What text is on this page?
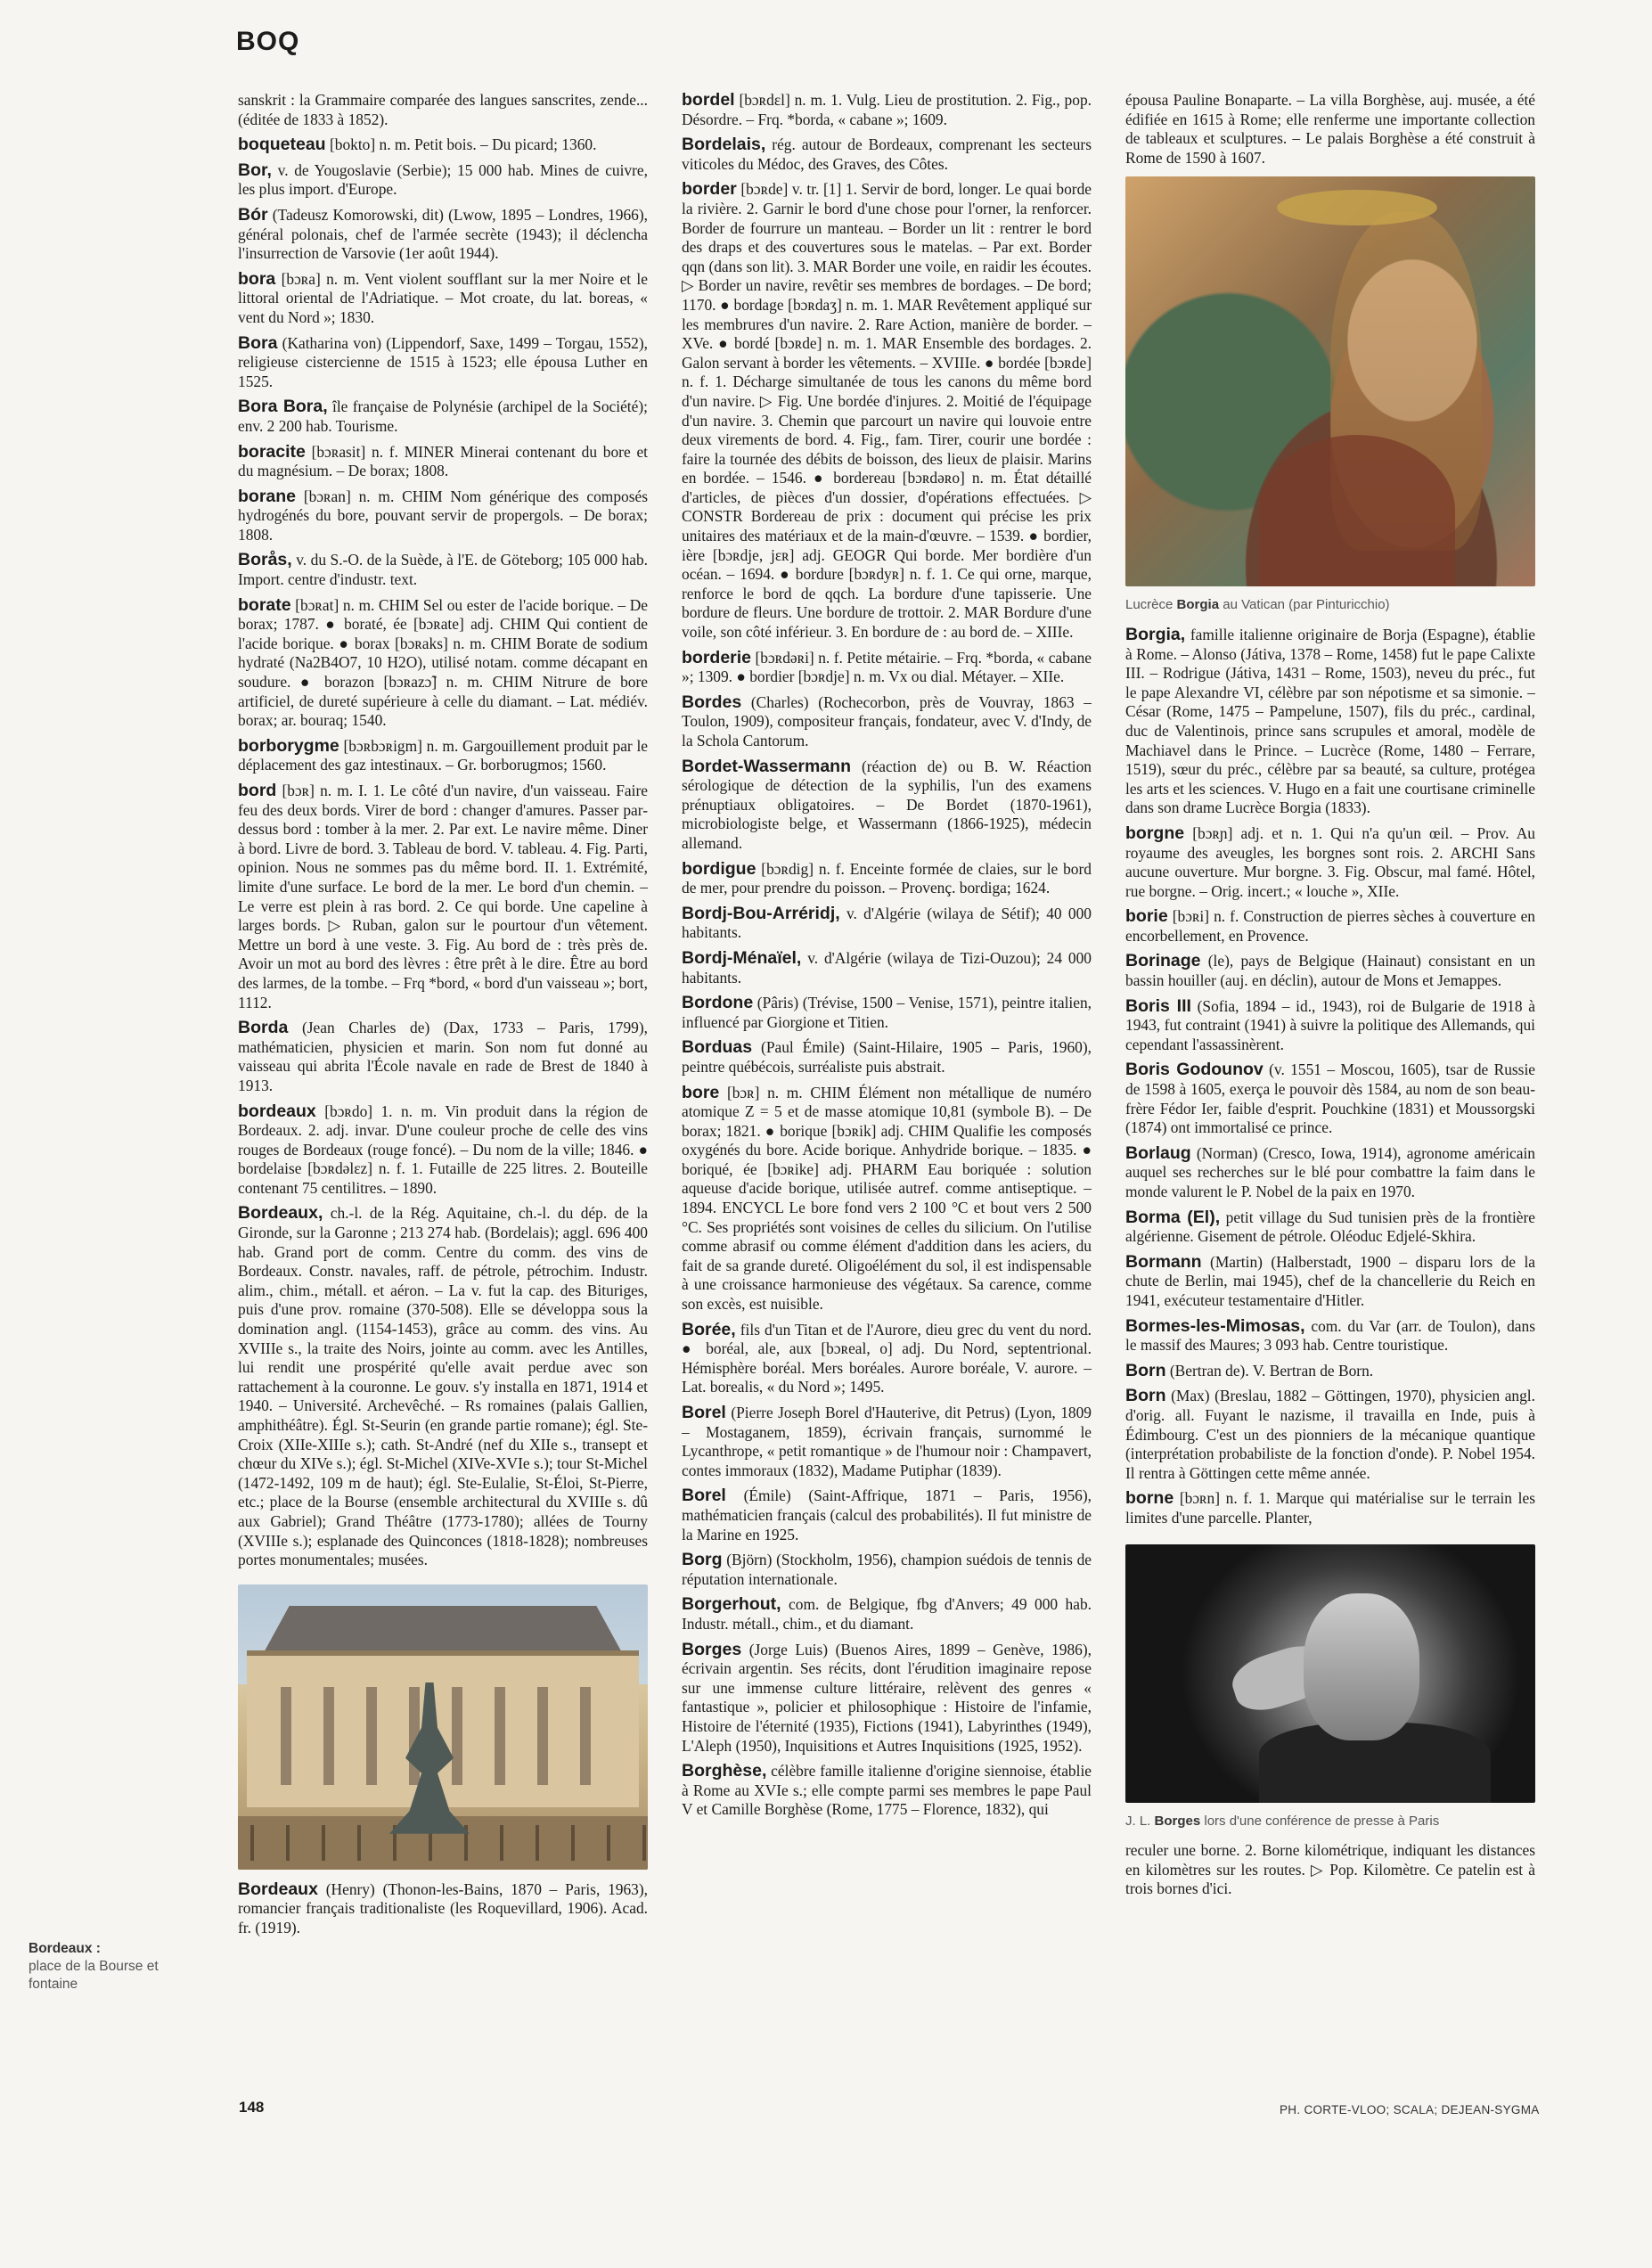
BOQ
sanskrit : la Grammaire comparée des langues sanscrites, zende... (éditée de 1833 à 1852).
boqueteau [bokto] n. m. Petit bois. – Du picard; 1360.
Bor, v. de Yougoslavie (Serbie); 15 000 hab. Mines de cuivre, les plus import. d'Europe.
Bór (Tadeusz Komorowski, dit) (Lwow, 1895 – Londres, 1966), général polonais, chef de l'armée secrète (1943); il déclencha l'insurrection de Varsovie (1er août 1944).
bora [bɔʀa] n. m. Vent violent soufflant sur la mer Noire et le littoral oriental de l'Adriatique. – Mot croate, du lat. boreas, « vent du Nord »; 1830.
Bora (Katharina von) (Lippendorf, Saxe, 1499 – Torgau, 1552), religieuse cistercienne de 1515 à 1523; elle épousa Luther en 1525.
Bora Bora, île française de Polynésie (archipel de la Société); env. 2 200 hab. Tourisme.
boracite [bɔʀasit] n. f. MINER Minerai contenant du bore et du magnésium. – De borax; 1808.
borane [bɔʀan] n. m. CHIM Nom générique des composés hydrogénés du bore, pouvant servir de propergols. – De borax; 1808.
Borås, v. du S.-O. de la Suède, à l'E. de Göteborg; 105 000 hab. Import. centre d'industr. text.
borate [bɔʀat] n. m. CHIM Sel ou ester de l'acide borique. – De borax; 1787. ● boraté, ée [bɔʀate] adj. CHIM Qui contient de l'acide borique. ● borax [bɔʀaks] n. m. CHIM Borate de sodium hydraté (Na2B4O7, 10 H2O), utilisé notam. comme décapant en soudure. ● borazon [bɔʀazɔ̃] n. m. CHIM Nitrure de bore artificiel, de dureté supérieure à celle du diamant. – Lat. médiév. borax; ar. bouraq; 1540.
borborygme [bɔʀbɔʀigm] n. m. Gargouillement produit par le déplacement des gaz intestinaux. – Gr. borborugmos; 1560.
bord [bɔʀ] n. m. I. 1. Le côté d'un navire, d'un vaisseau. Faire feu des deux bords. Virer de bord : changer d'amures. Passer par-dessus bord : tomber à la mer. 2. Par ext. Le navire même. Diner à bord. Livre de bord. 3. Tableau de bord. V. tableau. 4. Fig. Parti, opinion. Nous ne sommes pas du même bord. II. 1. Extrémité, limite d'une surface. Le bord de la mer. Le bord d'un chemin. – Le verre est plein à ras bord. 2. Ce qui borde. Une capeline à larges bords. ▷ Ruban, galon sur le pourtour d'un vêtement. Mettre un bord à une veste. 3. Fig. Au bord de : très près de. Avoir un mot au bord des lèvres : être prêt à le dire. Être au bord des larmes, de la tombe. – Frq *bord, « bord d'un vaisseau »; bort, 1112.
Borda (Jean Charles de) (Dax, 1733 – Paris, 1799), mathématicien, physicien et marin. Son nom fut donné au vaisseau qui abrita l'École navale en rade de Brest de 1840 à 1913.
bordeaux [bɔʀdo] 1. n. m. Vin produit dans la région de Bordeaux. 2. adj. invar. D'une couleur proche de celle des vins rouges de Bordeaux (rouge foncé). – Du nom de la ville; 1846. ● bordelaise [bɔʀdəlɛz] n. f. 1. Futaille de 225 litres. 2. Bouteille contenant 75 centilitres. – 1890.
Bordeaux, ch.-l. de la Rég. Aquitaine, ch.-l. du dép. de la Gironde, sur la Garonne ; 213 274 hab. (Bordelais); aggl. 696 400 hab. Grand port de comm. Centre du comm. des vins de Bordeaux. Constr. navales, raff. de pétrole, pétrochim. Industr. alim., chim., métall. et aéron. – La v. fut la cap. des Bituriges, puis d'une prov. romaine (370-508). Elle se développa sous la domination angl. (1154-1453), grâce au comm. des vins. Au XVIIIe s., la traite des Noirs, jointe au comm. avec les Antilles, lui rendit une prospérité qu'elle avait perdue avec son rattachement à la couronne. Le gouv. s'y installa en 1871, 1914 et 1940. – Université. Archevêché. – Rs romaines (palais Gallien, amphithéâtre). Égl. St-Seurin (en grande partie romane); égl. Ste-Croix (XIIe-XIIIe s.); cath. St-André (nef du XIIe s., transept et chœur du XIVe s.); égl. St-Michel (XIVe-XVIe s.); tour St-Michel (1472-1492, 109 m de haut); égl. Ste-Eulalie, St-Éloi, St-Pierre, etc.; place de la Bourse (ensemble architectural du XVIIIe s. dû aux Gabriel); Grand Théâtre (1773-1780); allées de Tourny (XVIIIe s.); esplanade des Quinconces (1818-1828); nombreuses portes monumentales; musées.
Bordeaux (Henry) (Thonon-les-Bains, 1870 – Paris, 1963), romancier français traditionaliste (les Roquevillard, 1906). Acad. fr. (1919).
bordel [bɔʀdɛl] n. m. 1. Vulg. Lieu de prostitution. 2. Fig., pop. Désordre. – Frq. *borda, « cabane »; 1609.
Bordelais, rég. autour de Bordeaux, comprenant les secteurs viticoles du Médoc, des Graves, des Côtes.
border [bɔʀde] v. tr. [1] 1. Servir de bord, longer. Le quai borde la rivière. 2. Garnir le bord d'une chose pour l'orner, la renforcer. Border de fourrure un manteau. – Border un lit : rentrer le bord des draps et des couvertures sous le matelas. – Par ext. Border qqn (dans son lit). 3. MAR Border une voile, en raidir les écoutes. ▷ Border un navire, revêtir ses membres de bordages. – De bord; 1170. ● bordage [bɔʀdaʒ] n. m. 1. MAR Revêtement appliqué sur les membrures d'un navire. 2. Rare Action, manière de border. – XVe. ● bordé [bɔʀde] n. m. 1. MAR Ensemble des bordages. 2. Galon servant à border les vêtements. – XVIIIe. ● bordée [bɔʀde] n. f. 1. Décharge simultanée de tous les canons du même bord d'un navire. ▷ Fig. Une bordée d'injures. 2. Moitié de l'équipage d'un navire. 3. Chemin que parcourt un navire qui louvoie entre deux virements de bord. 4. Fig., fam. Tirer, courir une bordée : faire la tournée des débits de boisson, des lieux de plaisir. Marins en bordée. – 1546. ● bordereau [bɔʀdəʀo] n. m. État détaillé d'articles, de pièces d'un dossier, d'opérations effectuées. ▷ CONSTR Bordereau de prix : document qui précise les prix unitaires des matériaux et de la main-d'œuvre. – 1539. ● bordier, ière [bɔʀdje, jɛʀ] adj. GEOGR Qui borde. Mer bordière d'un océan. – 1694. ● bordure [bɔʀdyʀ] n. f. 1. Ce qui orne, marque, renforce le bord de qqch. La bordure d'une tapisserie. Une bordure de fleurs. Une bordure de trottoir. 2. MAR Bordure d'une voile, son côté inférieur. 3. En bordure de : au bord de. – XIIIe.
borderie [bɔʀdəʀi] n. f. Petite métairie. – Frq. *borda, « cabane »; 1309. ● bordier [bɔʀdje] n. m. Vx ou dial. Métayer. – XIIe.
Bordes (Charles) (Rochecorbon, près de Vouvray, 1863 – Toulon, 1909), compositeur français, fondateur, avec V. d'Indy, de la Schola Cantorum.
Bordet-Wassermann (réaction de) ou B. W. Réaction sérologique de détection de la syphilis, l'un des examens prénuptiaux obligatoires. – De Bordet (1870-1961), microbiologiste belge, et Wassermann (1866-1925), médecin allemand.
bordigue [bɔʀdig] n. f. Enceinte formée de claies, sur le bord de mer, pour prendre du poisson. – Provenç. bordiga; 1624.
Bordj-Bou-Arréridj, v. d'Algérie (wilaya de Sétif); 40 000 habitants.
Bordj-Ménaïel, v. d'Algérie (wilaya de Tizi-Ouzou); 24 000 habitants.
Bordone (Pâris) (Trévise, 1500 – Venise, 1571), peintre italien, influencé par Giorgione et Titien.
Borduas (Paul Émile) (Saint-Hilaire, 1905 – Paris, 1960), peintre québécois, surréaliste puis abstrait.
bore [bɔʀ] n. m. CHIM Élément non métallique de numéro atomique Z = 5 et de masse atomique 10,81 (symbole B). – De borax; 1821. ● borique [bɔʀik] adj. CHIM Qualifie les composés oxygénés du bore. Acide borique. Anhydride borique. – 1835. ● boriqué, ée [bɔʀike] adj. PHARM Eau boriquée : solution aqueuse d'acide borique, utilisée autref. comme antiseptique. – 1894. ENCYCL Le bore fond vers 2 100 °C et bout vers 2 500 °C. Ses propriétés sont voisines de celles du silicium. On l'utilise comme abrasif ou comme élément d'addition dans les aciers, du fait de sa grande dureté. Oligoélément du sol, il est indispensable à une croissance harmonieuse des végétaux. Sa carence, comme son excès, est nuisible.
Borée, fils d'un Titan et de l'Aurore, dieu grec du vent du nord. ● boréal, ale, aux [bɔʀeal, o] adj. Du Nord, septentrional. Hémisphère boréal. Mers boréales. Aurore boréale, V. aurore. – Lat. borealis, « du Nord »; 1495.
Borel (Pierre Joseph Borel d'Hauterive, dit Petrus) (Lyon, 1809 – Mostaganem, 1859), écrivain français, surnommé le Lycanthrope, « petit romantique » de l'humour noir : Champavert, contes immoraux (1832), Madame Putiphar (1839).
Borel (Émile) (Saint-Affrique, 1871 – Paris, 1956), mathématicien français (calcul des probabilités). Il fut ministre de la Marine en 1925.
Borg (Björn) (Stockholm, 1956), champion suédois de tennis de réputation internationale.
Borgerhout, com. de Belgique, fbg d'Anvers; 49 000 hab. Industr. métall., chim., et du diamant.
Borges (Jorge Luis) (Buenos Aires, 1899 – Genève, 1986), écrivain argentin. Ses récits, dont l'érudition imaginaire repose sur une immense culture littéraire, relèvent des genres « fantastique », policier et philosophique : Histoire de l'infamie, Histoire de l'éternité (1935), Fictions (1941), Labyrinthes (1949), L'Aleph (1950), Inquisitions et Autres Inquisitions (1925, 1952).
Borghèse, célèbre famille italienne d'origine siennoise, établie à Rome au XVIe s.; elle compte parmi ses membres le pape Paul V et Camille Borghèse (Rome, 1775 – Florence, 1832), qui
épousa Pauline Bonaparte. – La villa Borghèse, auj. musée, a été édifiée en 1615 à Rome; elle renferme une importante collection de tableaux et sculptures. – Le palais Borghèse a été construit à Rome de 1590 à 1607.
Lucrèce Borgia au Vatican (par Pinturicchio)
Borgia, famille italienne originaire de Borja (Espagne), établie à Rome. – Alonso (Játiva, 1378 – Rome, 1458) fut le pape Calixte III. – Rodrigue (Játiva, 1431 – Rome, 1503), neveu du préc., fut le pape Alexandre VI, célèbre par son népotisme et sa simonie. – César (Rome, 1475 – Pampelune, 1507), fils du préc., cardinal, duc de Valentinois, prince sans scrupules et amoral, modèle de Machiavel dans le Prince. – Lucrèce (Rome, 1480 – Ferrare, 1519), sœur du préc., célèbre par sa beauté, sa culture, protégea les arts et les sciences. V. Hugo en a fait une courtisane criminelle dans son drame Lucrèce Borgia (1833).
borgne [bɔʀɲ] adj. et n. 1. Qui n'a qu'un œil. – Prov. Au royaume des aveugles, les borgnes sont rois. 2. ARCHI Sans aucune ouverture. Mur borgne. 3. Fig. Obscur, mal famé. Hôtel, rue borgne. – Orig. incert.; « louche », XIIe.
borie [bɔʀi] n. f. Construction de pierres sèches à couverture en encorbellement, en Provence.
Borinage (le), pays de Belgique (Hainaut) consistant en un bassin houiller (auj. en déclin), autour de Mons et Jemappes.
Boris III (Sofia, 1894 – id., 1943), roi de Bulgarie de 1918 à 1943, fut contraint (1941) à suivre la politique des Allemands, qui cependant l'assassinèrent.
Boris Godounov (v. 1551 – Moscou, 1605), tsar de Russie de 1598 à 1605, exerça le pouvoir dès 1584, au nom de son beau-frère Fédor Ier, faible d'esprit. Pouchkine (1831) et Moussorgski (1874) ont immortalisé ce prince.
Borlaug (Norman) (Cresco, Iowa, 1914), agronome américain auquel ses recherches sur le blé pour combattre la faim dans le monde valurent le P. Nobel de la paix en 1970.
Borma (El), petit village du Sud tunisien près de la frontière algérienne. Gisement de pétrole. Oléoduc Edjelé-Skhira.
Bormann (Martin) (Halberstadt, 1900 – disparu lors de la chute de Berlin, mai 1945), chef de la chancellerie du Reich en 1941, exécuteur testamentaire d'Hitler.
Bormes-les-Mimosas, com. du Var (arr. de Toulon), dans le massif des Maures; 3 093 hab. Centre touristique.
Born (Bertran de). V. Bertran de Born.
Born (Max) (Breslau, 1882 – Göttingen, 1970), physicien angl. d'orig. all. Fuyant le nazisme, il travailla en Inde, puis à Édimbourg. C'est un des pionniers de la mécanique quantique (interprétation probabiliste de la fonction d'onde). P. Nobel 1954. Il rentra à Göttingen cette même année.
borne [bɔʀn] n. f. 1. Marque qui matérialise sur le terrain les limites d'une parcelle. Planter,
J. L. Borges lors d'une conférence de presse à Paris
reculer une borne. 2. Borne kilométrique, indiquant les distances en kilomètres sur les routes. ▷ Pop. Kilomètre. Ce patelin est à trois bornes d'ici.
Bordeaux :
place de la Bourse et fontaine
148	PH. CORTE-VLOO; SCALA; DEJEAN-SYGMA
